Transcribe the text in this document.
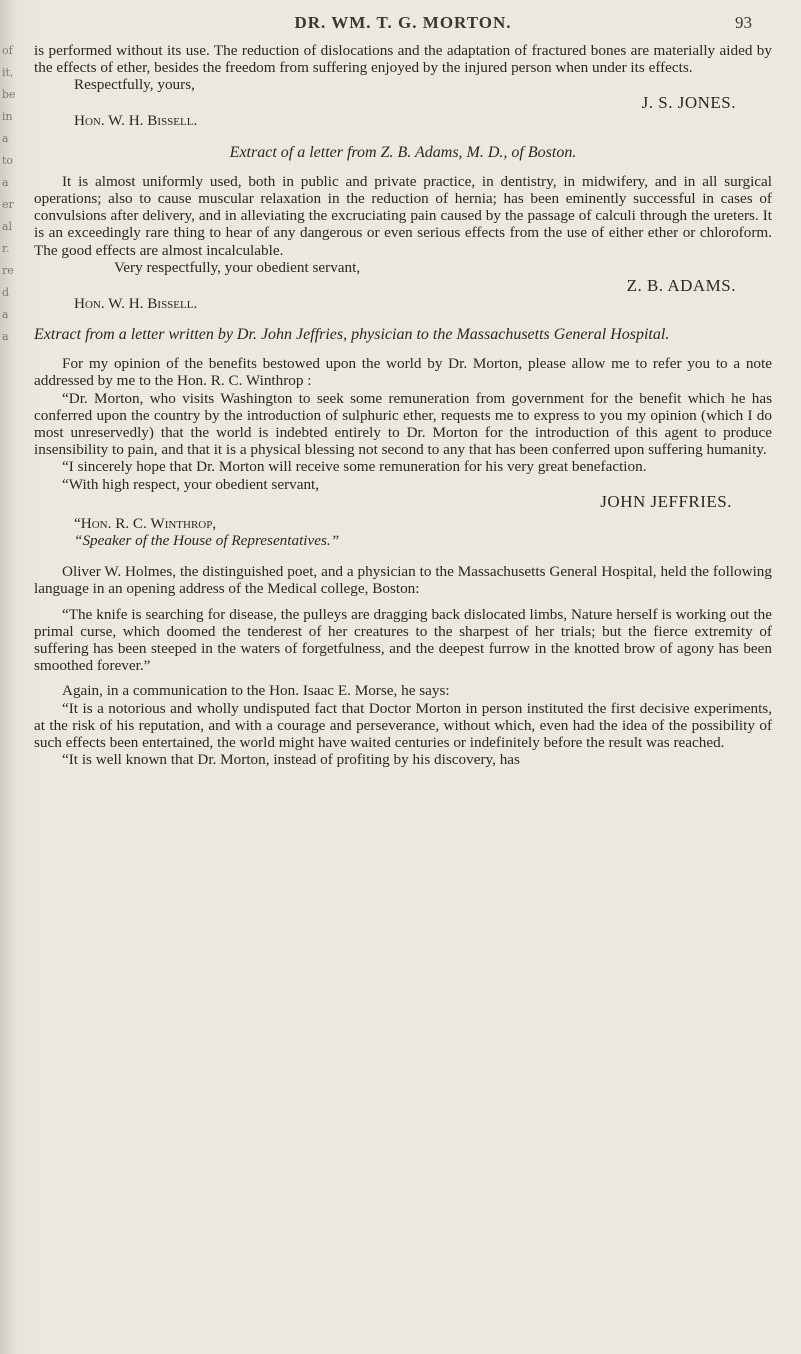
of
it,
be
in
a
to
a
er
al
r.
re
d
a
a
DR. WM. T. G. MORTON.	93

is performed without its use. The reduction of dislocations and the adaptation of fractured bones are materially aided by the effects of ether, besides the freedom from suffering enjoyed by the injured person when under its effects.

Respectfully, yours,
J. S. JONES.
Hon. W. H. Bissell.
Extract of a letter from Z. B. Adams, M. D., of Boston.

It is almost uniformly used, both in public and private practice, in dentistry, in midwifery, and in all surgical operations; also to cause muscular relaxation in the reduction of hernia; has been eminently successful in cases of convulsions after delivery, and in alleviating the excruciating pain caused by the passage of calculi through the ureters. It is an exceedingly rare thing to hear of any dangerous or even serious effects from the use of either ether or chloroform. The good effects are almost incalculable.

Very respectfully, your obedient servant,
Z. B. ADAMS.
Hon. W. H. Bissell.
Extract from a letter written by Dr. John Jeffries, physician to the Massachusetts General Hospital.

For my opinion of the benefits bestowed upon the world by Dr. Morton, please allow me to refer you to a note addressed by me to the Hon. R. C. Winthrop :

“Dr. Morton, who visits Washington to seek some remuneration from government for the benefit which he has conferred upon the country by the introduction of sulphuric ether, requests me to express to you my opinion (which I do most unreservedly) that the world is indebted entirely to Dr. Morton for the introduction of this agent to produce insensibility to pain, and that it is a physical blessing not second to any that has been conferred upon suffering humanity.

“I sincerely hope that Dr. Morton will receive some remuneration for his very great benefaction.

“With high respect, your obedient servant,
JOHN JEFFRIES.
“Hon. R. C. Winthrop,
“Speaker of the House of Representatives.”

Oliver W. Holmes, the distinguished poet, and a physician to the Massachusetts General Hospital, held the following language in an opening address of the Medical college, Boston:

“The knife is searching for disease, the pulleys are dragging back dislocated limbs, Nature herself is working out the primal curse, which doomed the tenderest of her creatures to the sharpest of her trials; but the fierce extremity of suffering has been steeped in the waters of forgetfulness, and the deepest furrow in the knotted brow of agony has been smoothed forever.”

Again, in a communication to the Hon. Isaac E. Morse, he says:

“It is a notorious and wholly undisputed fact that Doctor Morton in person instituted the first decisive experiments, at the risk of his reputation, and with a courage and perseverance, without which, even had the idea of the possibility of such effects been entertained, the world might have waited centuries or indefinitely before the result was reached.

“It is well known that Dr. Morton, instead of profiting by his discovery, has
